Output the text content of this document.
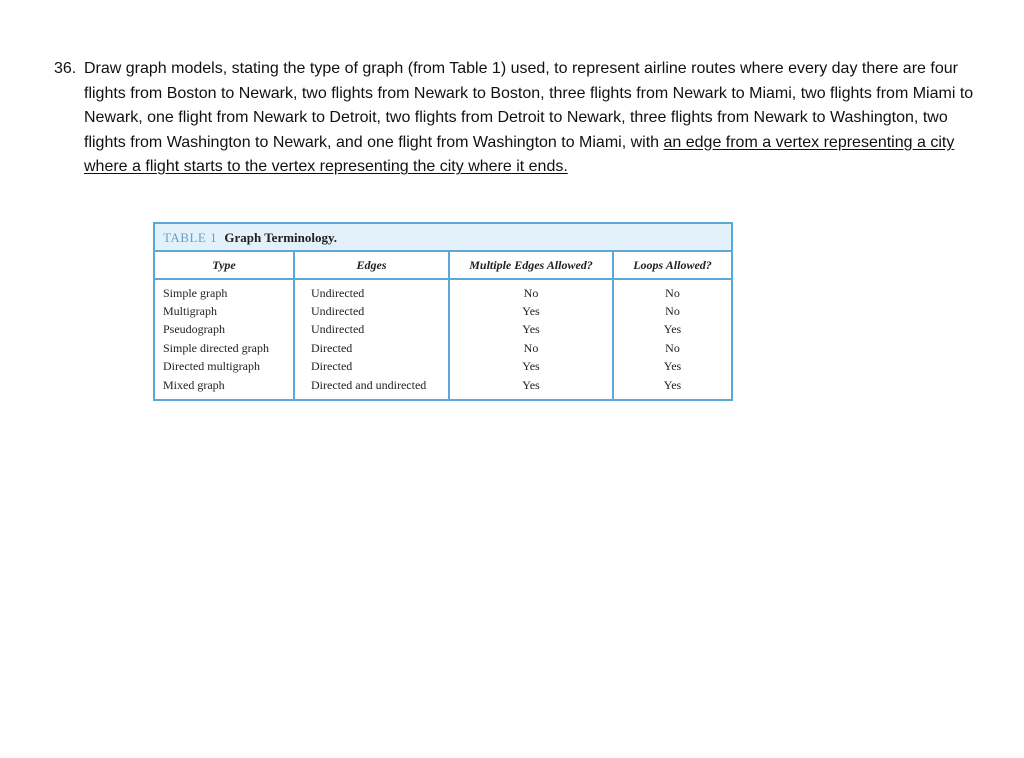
36. Draw graph models, stating the type of graph (from Table 1) used, to represent airline routes where every day there are four flights from Boston to Newark, two flights from Newark to Boston, three flights from Newark to Miami, two flights from Miami to Newark, one flight from Newark to Detroit, two flights from Detroit to Newark, three flights from Newark to Washington, two flights from Washington to Newark, and one flight from Washington to Miami, with an edge from a vertex representing a city where a flight starts to the vertex representing the city where it ends.
TABLE 1 Graph Terminology.
Type	Edges	Multiple Edges Allowed?	Loops Allowed?
Simple graph	Undirected	No	No
Multigraph	Undirected	Yes	No
Pseudograph	Undirected	Yes	Yes
Simple directed graph	Directed	No	No
Directed multigraph	Directed	Yes	Yes
Mixed graph	Directed and undirected	Yes	Yes
